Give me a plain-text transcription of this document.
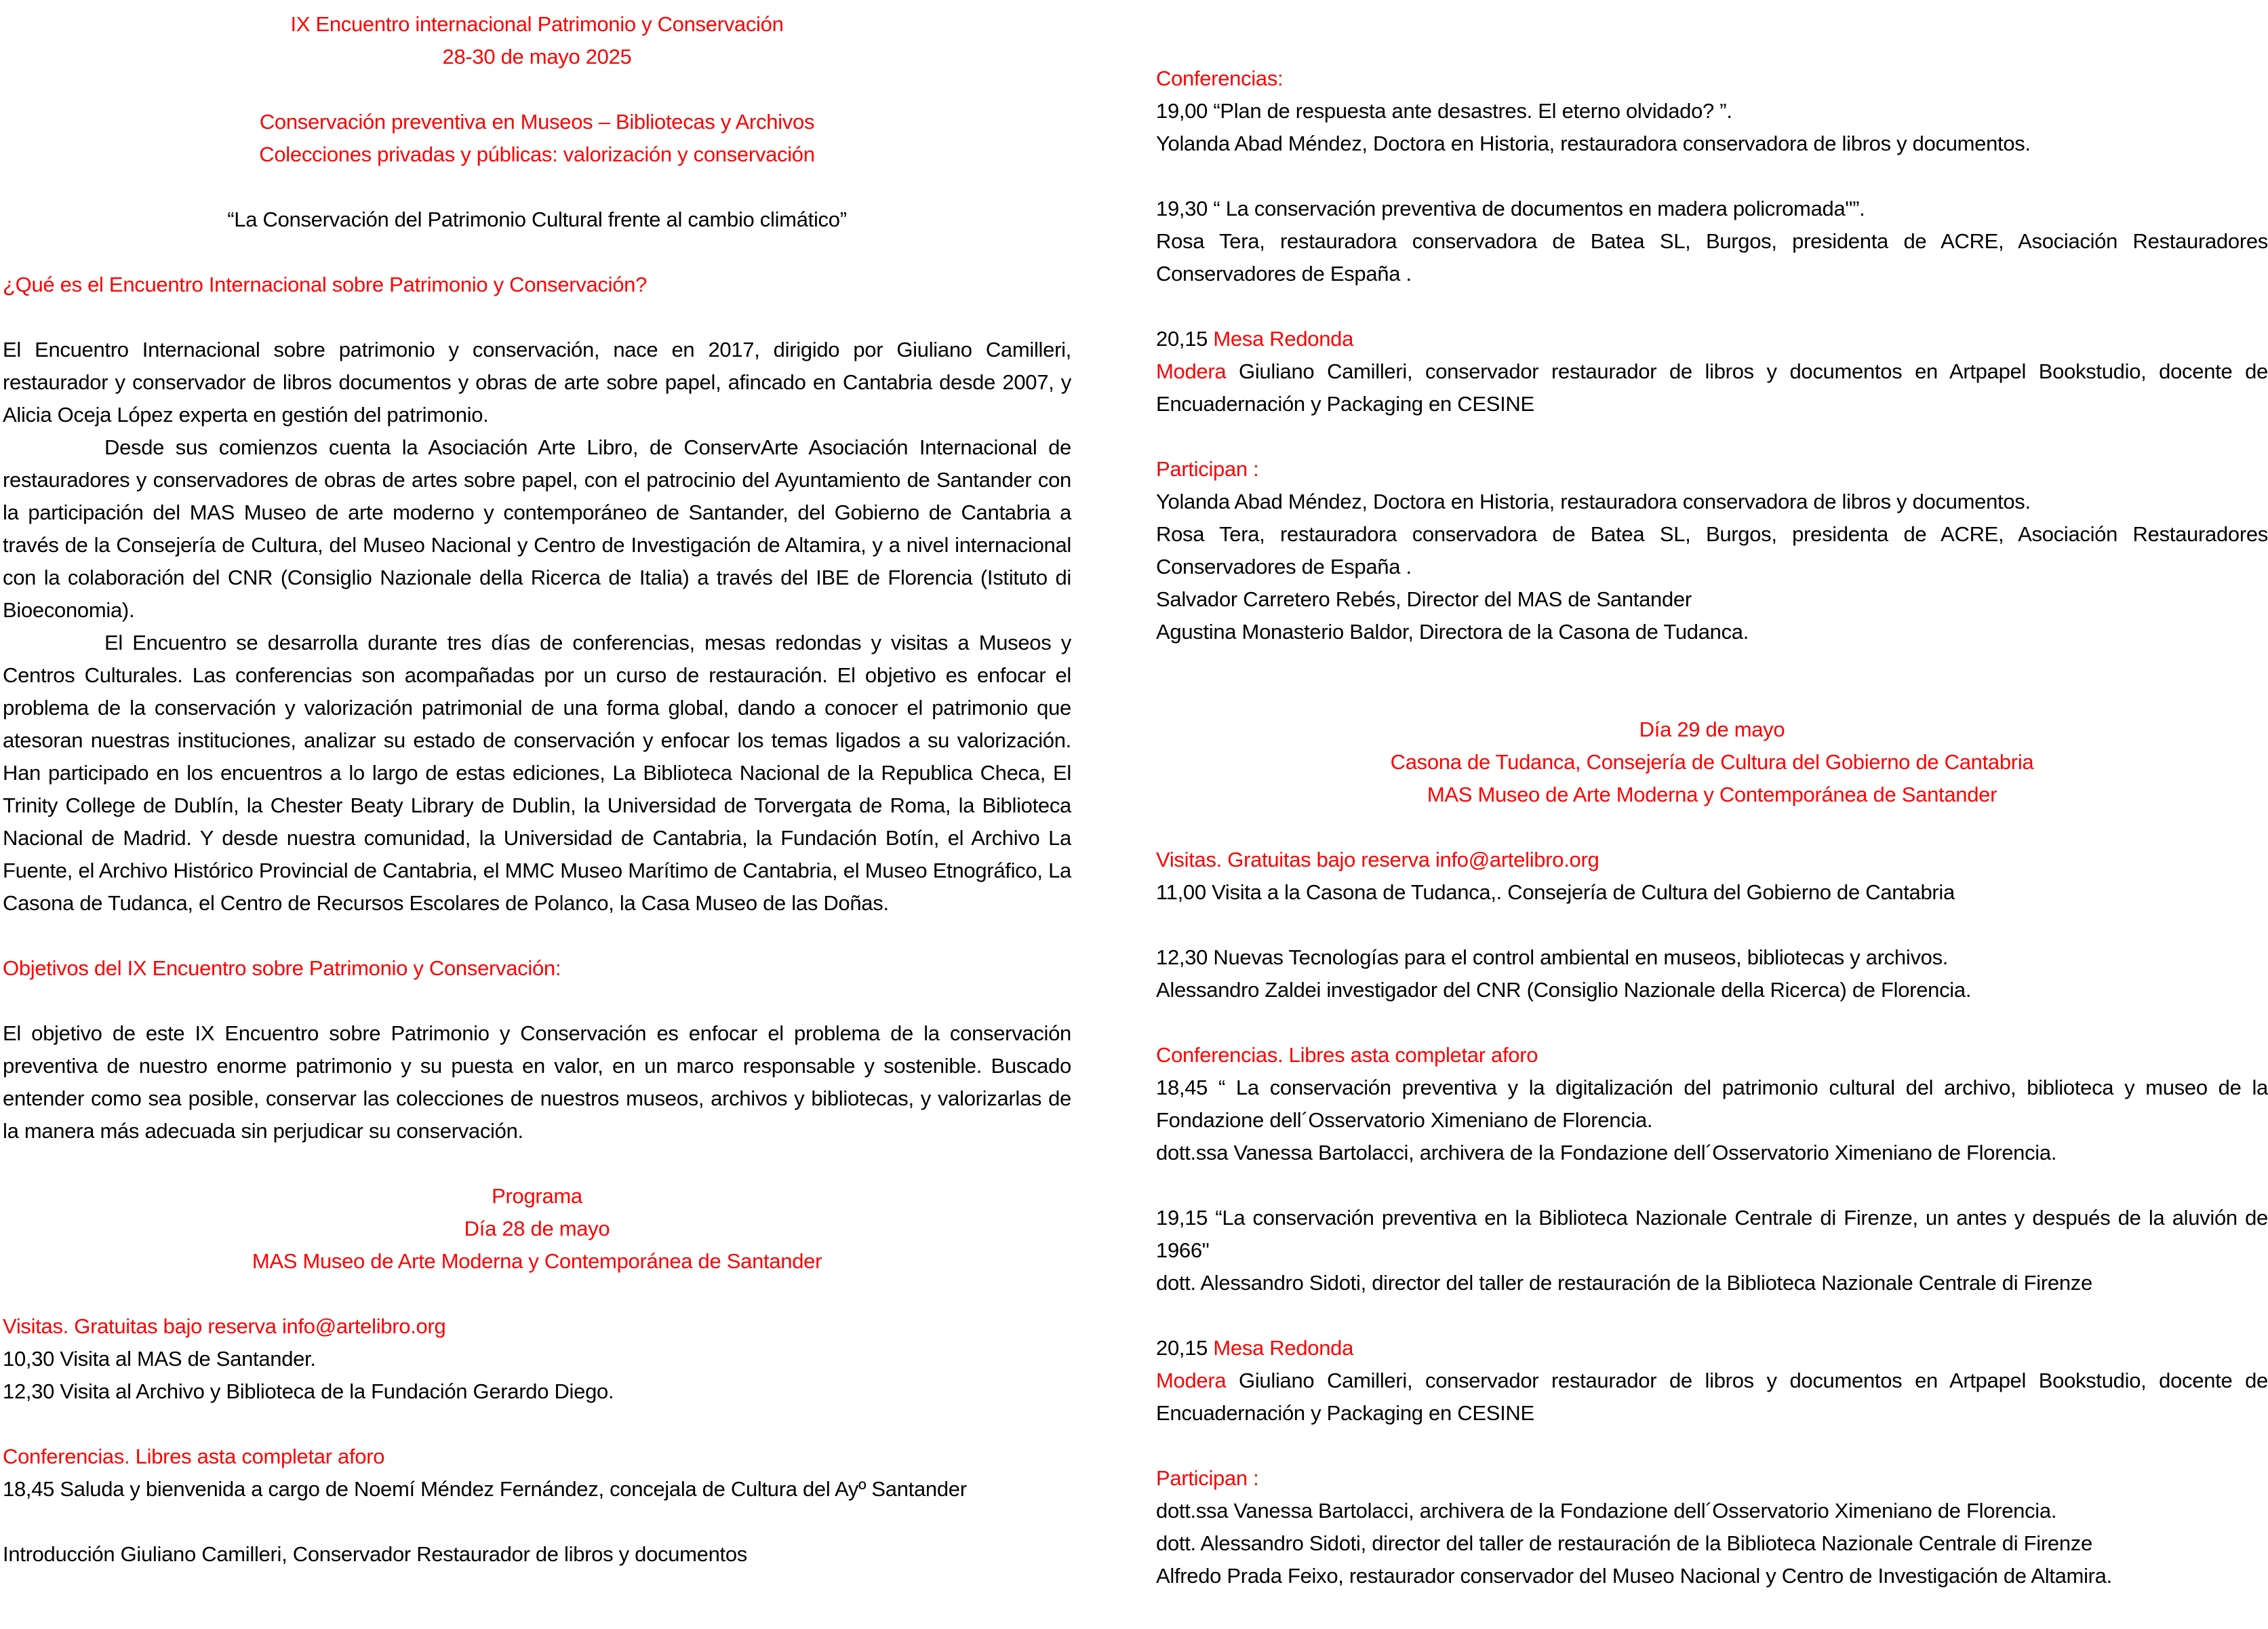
IX Encuentro internacional Patrimonio y Conservación
28-30 de mayo 2025
Conservación preventiva en Museos – Bibliotecas y Archivos
Colecciones privadas y públicas: valorización y conservación
“La Conservación del Patrimonio Cultural frente al cambio climático”
¿Qué es el Encuentro Internacional sobre Patrimonio y Conservación?
El Encuentro Internacional sobre patrimonio y conservación, nace en 2017, dirigido por Giuliano Camilleri, restaurador y conservador de libros documentos y obras de arte sobre papel, afincado en Cantabria desde 2007, y Alicia Oceja López experta en gestión del patrimonio.
Desde sus comienzos cuenta la Asociación Arte Libro, de ConservArte Asociación Internacional de restauradores y conservadores de obras de artes sobre papel, con el patrocinio del Ayuntamiento de Santander con la participación del MAS Museo de arte moderno y contemporáneo de Santander, del Gobierno de Cantabria a través de la Consejería de Cultura, del Museo Nacional y Centro de Investigación de Altamira, y a nivel internacional con la colaboración del CNR (Consiglio Nazionale della Ricerca de Italia) a través del IBE de Florencia (Istituto di Bioeconomia).
El Encuentro se desarrolla durante tres días de conferencias, mesas redondas y visitas a Museos y Centros Culturales. Las conferencias son acompañadas por un curso de restauración. El objetivo es enfocar el problema de la conservación y valorización patrimonial de una forma global, dando a conocer el patrimonio que atesoran nuestras instituciones, analizar su estado de conservación y enfocar los temas ligados a su valorización. Han participado en los encuentros a lo largo de estas ediciones, La Biblioteca Nacional de la Republica Checa, El Trinity College de Dublín, la Chester Beaty Library de Dublin, la Universidad de Torvergata de Roma, la Biblioteca Nacional de Madrid. Y desde nuestra comunidad, la Universidad de Cantabria, la Fundación Botín, el Archivo La Fuente, el Archivo Histórico Provincial de Cantabria, el MMC Museo Marítimo de Cantabria, el Museo Etnográfico, La Casona de Tudanca, el Centro de Recursos Escolares de Polanco, la Casa Museo de las Doñas.
Objetivos del IX Encuentro sobre Patrimonio y Conservación:
El objetivo de este IX Encuentro sobre Patrimonio y Conservación es enfocar el problema de la conservación preventiva de nuestro enorme patrimonio y su puesta en valor, en un marco responsable y sostenible. Buscado entender como sea posible, conservar las colecciones de nuestros museos, archivos y bibliotecas, y valorizarlas de la manera más adecuada sin perjudicar su conservación.
Programa
Día 28 de mayo
MAS Museo de Arte Moderna y Contemporánea de Santander
Visitas. Gratuitas bajo reserva info@artelibro.org
10,30 Visita al MAS de Santander.
12,30 Visita al Archivo y Biblioteca de la Fundación Gerardo Diego.
Conferencias. Libres asta completar aforo
18,45 Saluda y bienvenida a cargo de Noemí Méndez Fernández, concejala de Cultura del Ayº Santander
Introducción Giuliano Camilleri, Conservador Restaurador de libros y documentos
Conferencias:
19,00 “Plan de respuesta ante desastres. El eterno olvidado? ”.
Yolanda Abad Méndez, Doctora en Historia, restauradora conservadora de libros y documentos.
19,30 “ La conservación preventiva de documentos en madera policromada"”.
Rosa Tera, restauradora conservadora de Batea SL, Burgos, presidenta de ACRE, Asociación Restauradores Conservadores de España .
20,15 Mesa Redonda
Modera Giuliano Camilleri, conservador restaurador de libros y documentos en Artpapel Bookstudio, docente de Encuadernación y Packaging en CESINE
Participan :
Yolanda Abad Méndez, Doctora en Historia, restauradora conservadora de libros y documentos.
Rosa Tera, restauradora conservadora de Batea SL, Burgos, presidenta de ACRE, Asociación Restauradores Conservadores de España .
Salvador Carretero Rebés, Director del MAS de Santander
Agustina Monasterio Baldor, Directora de la Casona de Tudanca.
Día 29 de mayo
Casona de Tudanca, Consejería de Cultura del Gobierno de Cantabria
MAS Museo de Arte Moderna y Contemporánea de Santander
Visitas. Gratuitas bajo reserva info@artelibro.org
11,00 Visita a la Casona de Tudanca,. Consejería de Cultura del Gobierno de Cantabria
12,30 Nuevas Tecnologías para el control ambiental en museos, bibliotecas y archivos.
Alessandro Zaldei investigador del CNR (Consiglio Nazionale della Ricerca) de Florencia.
Conferencias. Libres asta completar aforo
18,45 “ La conservación preventiva y la digitalización del patrimonio cultural del archivo, biblioteca y museo de la Fondazione dell´Osservatorio Ximeniano de Florencia.
dott.ssa Vanessa Bartolacci, archivera de la Fondazione dell´Osservatorio Ximeniano de Florencia.
19,15 “La conservación preventiva en la Biblioteca Nazionale Centrale di Firenze, un antes y después de la aluvión de 1966"
dott. Alessandro Sidoti, director del taller de restauración de la Biblioteca Nazionale Centrale di Firenze
20,15 Mesa Redonda
Modera Giuliano Camilleri, conservador restaurador de libros y documentos en Artpapel Bookstudio, docente de Encuadernación y Packaging en CESINE
Participan :
dott.ssa Vanessa Bartolacci, archivera de la Fondazione dell´Osservatorio Ximeniano de Florencia.
dott. Alessandro Sidoti, director del taller de restauración de la Biblioteca Nazionale Centrale di Firenze
Alfredo Prada Feixo, restaurador conservador del Museo Nacional y Centro de Investigación de Altamira.
